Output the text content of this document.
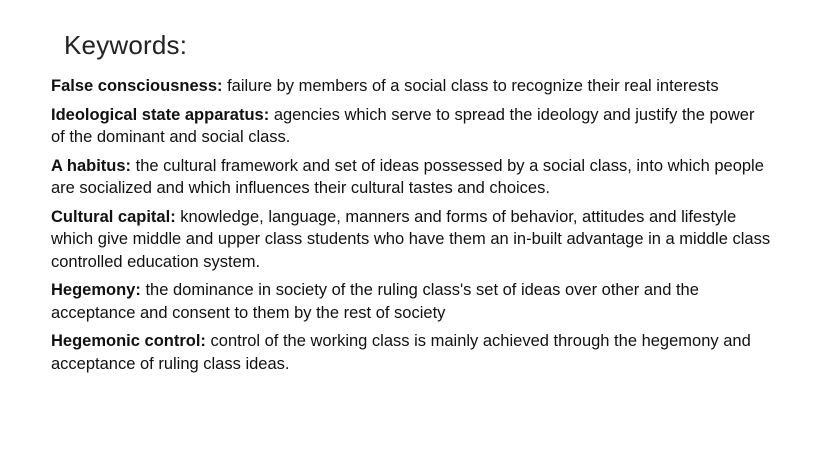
Keywords:
False consciousness: failure by members of a social class to recognize their real interests
Ideological state apparatus: agencies which serve to spread the ideology and justify the power of the dominant and social class.
A habitus: the cultural framework and set of ideas possessed by a social class, into which people are socialized and which influences their cultural tastes and choices.
Cultural capital: knowledge, language, manners and forms of behavior, attitudes and lifestyle which give middle and upper class students who have them an in-built advantage in a middle class controlled education system.
Hegemony: the dominance in society of the ruling class's set of ideas over other and the acceptance and consent to them by the rest of society
Hegemonic control: control of the working class is mainly achieved through the hegemony and acceptance of ruling class ideas.
